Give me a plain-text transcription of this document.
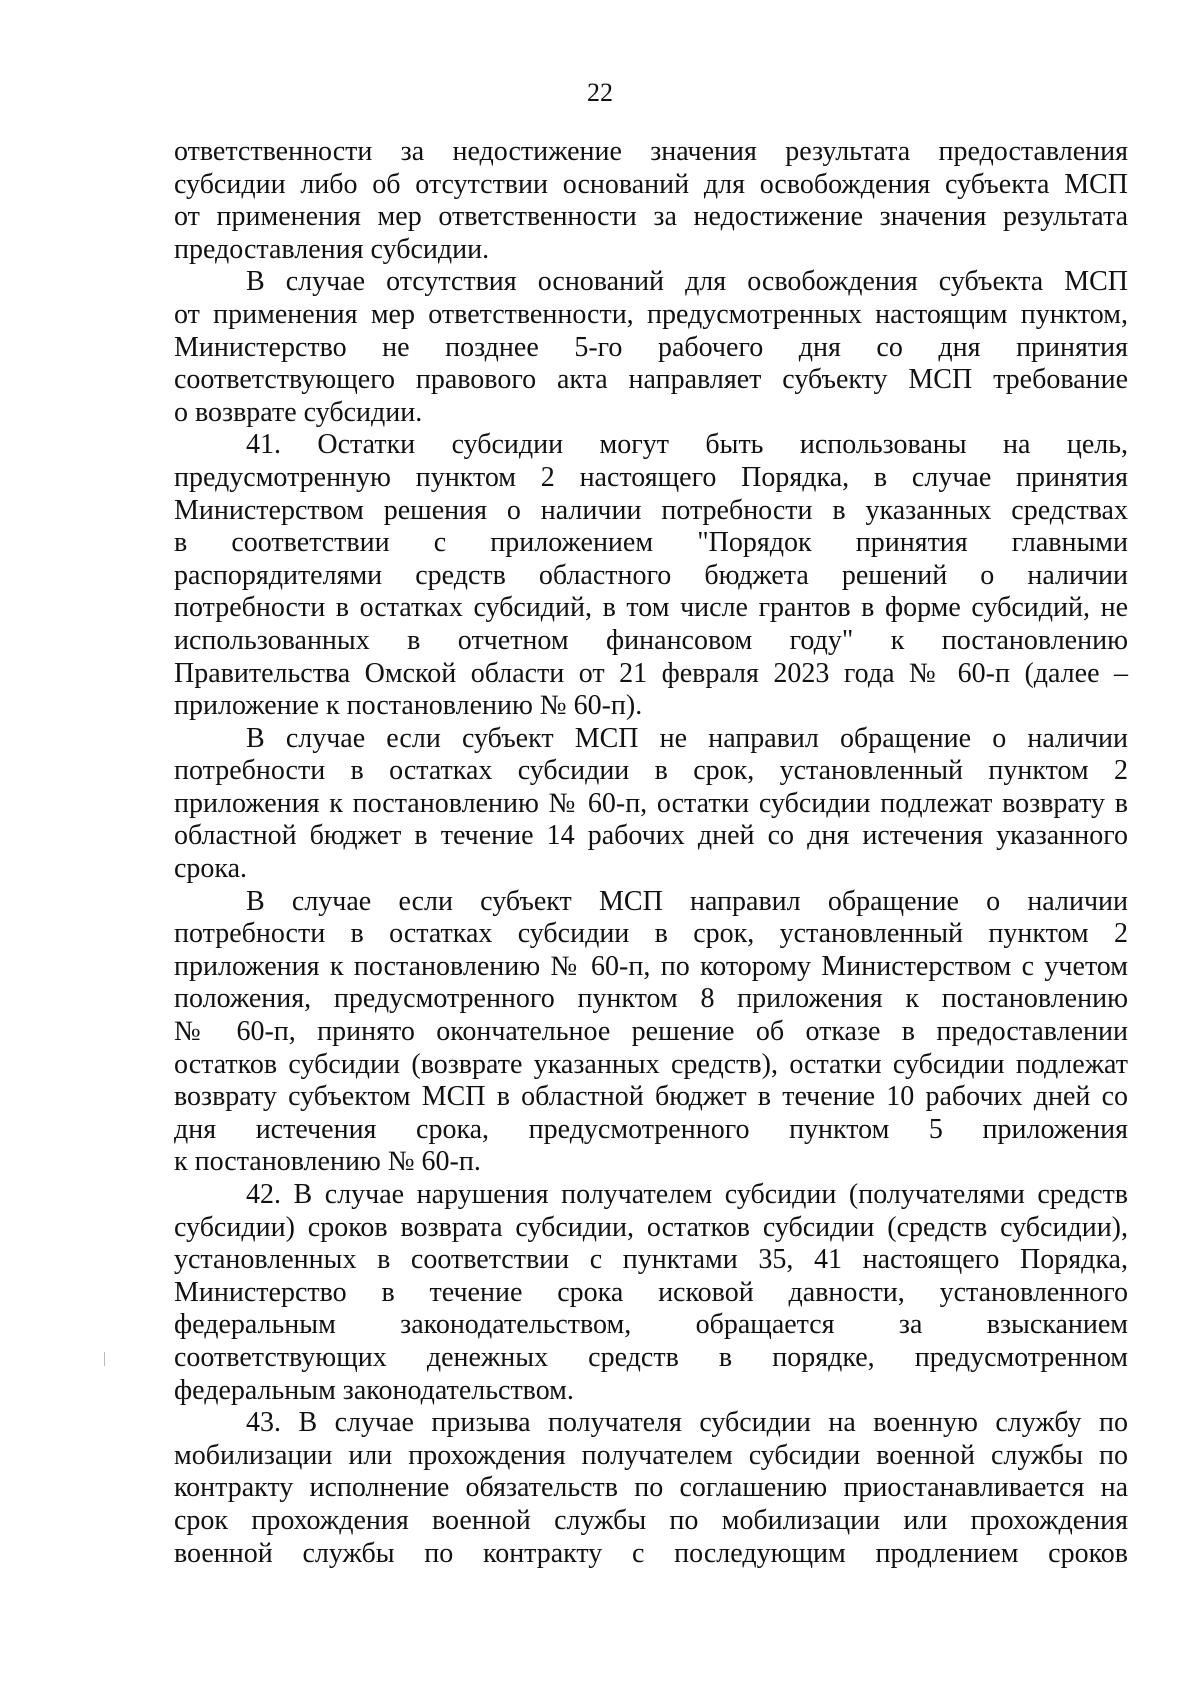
22
ответственности за недостижение значения результата предоставления
субсидии либо об отсутствии оснований для освобождения субъекта МСП
от применения мер ответственности за недостижение значения результата
предоставления субсидии.
В случае отсутствия оснований для освобождения субъекта МСП
от применения мер ответственности, предусмотренных настоящим пунктом,
Министерство не позднее 5-го рабочего дня со дня принятия
соответствующего правового акта направляет субъекту МСП требование
о возврате субсидии.
41. Остатки субсидии могут быть использованы на цель,
предусмотренную пунктом 2 настоящего Порядка, в случае принятия
Министерством решения о наличии потребности в указанных средствах
в соответствии с приложением "Порядок принятия главными
распорядителями средств областного бюджета решений о наличии
потребности в остатках субсидий, в том числе грантов в форме субсидий, не
использованных в отчетном финансовом году" к постановлению
Правительства Омской области от 21 февраля 2023 года № 60-п (далее –
приложение к постановлению № 60-п).
В случае если субъект МСП не направил обращение о наличии
потребности в остатках субсидии в срок, установленный пунктом 2
приложения к постановлению № 60-п, остатки субсидии подлежат возврату в
областной бюджет в течение 14 рабочих дней со дня истечения указанного
срока.
В случае если субъект МСП направил обращение о наличии
потребности в остатках субсидии в срок, установленный пунктом 2
приложения к постановлению № 60-п, по которому Министерством с учетом
положения, предусмотренного пунктом 8 приложения к постановлению
№ 60-п, принято окончательное решение об отказе в предоставлении
остатков субсидии (возврате указанных средств), остатки субсидии подлежат
возврату субъектом МСП в областной бюджет в течение 10 рабочих дней со
дня истечения срока, предусмотренного пунктом 5 приложения
к постановлению № 60-п.
42. В случае нарушения получателем субсидии (получателями средств
субсидии) сроков возврата субсидии, остатков субсидии (средств субсидии),
установленных в соответствии с пунктами 35, 41 настоящего Порядка,
Министерство в течение срока исковой давности, установленного
федеральным законодательством, обращается за взысканием
соответствующих денежных средств в порядке, предусмотренном
федеральным законодательством.
43. В случае призыва получателя субсидии на военную службу по
мобилизации или прохождения получателем субсидии военной службы по
контракту исполнение обязательств по соглашению приостанавливается на
срок прохождения военной службы по мобилизации или прохождения
военной службы по контракту с последующим продлением сроков
